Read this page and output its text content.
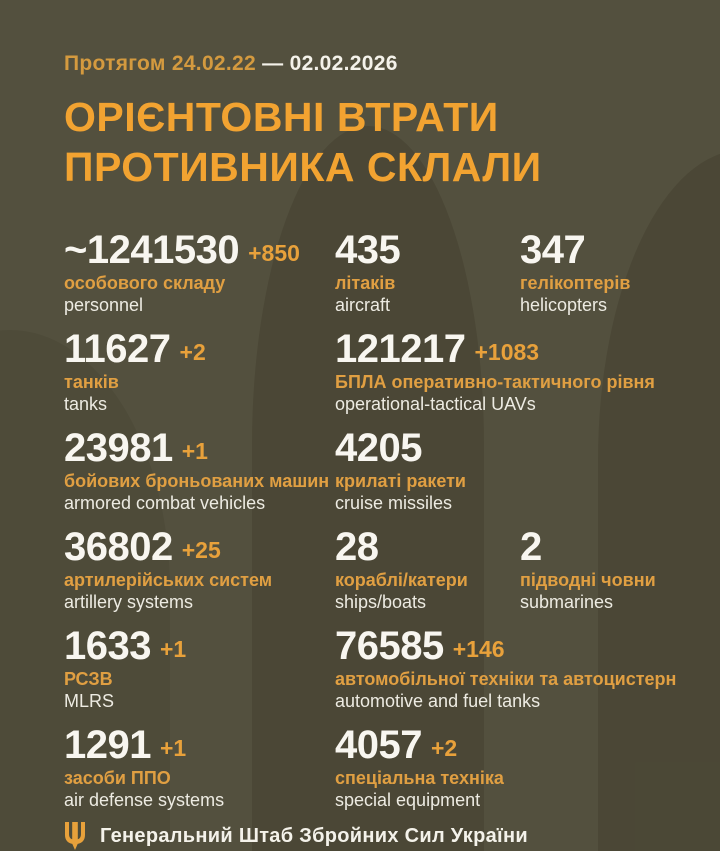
Протягом 24.02.22 — 02.02.2026
ОРІЄНТОВНІ ВТРАТИ
ПРОТИВНИКА СКЛАЛИ
~1241530 +850
особового складу
personnel
435
літаків
aircraft
347
гелікоптерів
helicopters
11627 +2
танків
tanks
121217 +1083
БПЛА оперативно-тактичного рівня
operational-tactical UAVs
23981 +1
бойових броньованих машин
armored combat vehicles
4205
крилаті ракети
cruise missiles
36802 +25
артилерійських систем
artillery systems
28
кораблі/катери
ships/boats
2
підводні човни
submarines
1633 +1
РСЗВ
MLRS
76585 +146
автомобільної техніки та автоцистерн
automotive and fuel tanks
1291 +1
засоби ППО
air defense systems
4057 +2
спеціальна техніка
special equipment
Генеральний Штаб Збройних Сил України
